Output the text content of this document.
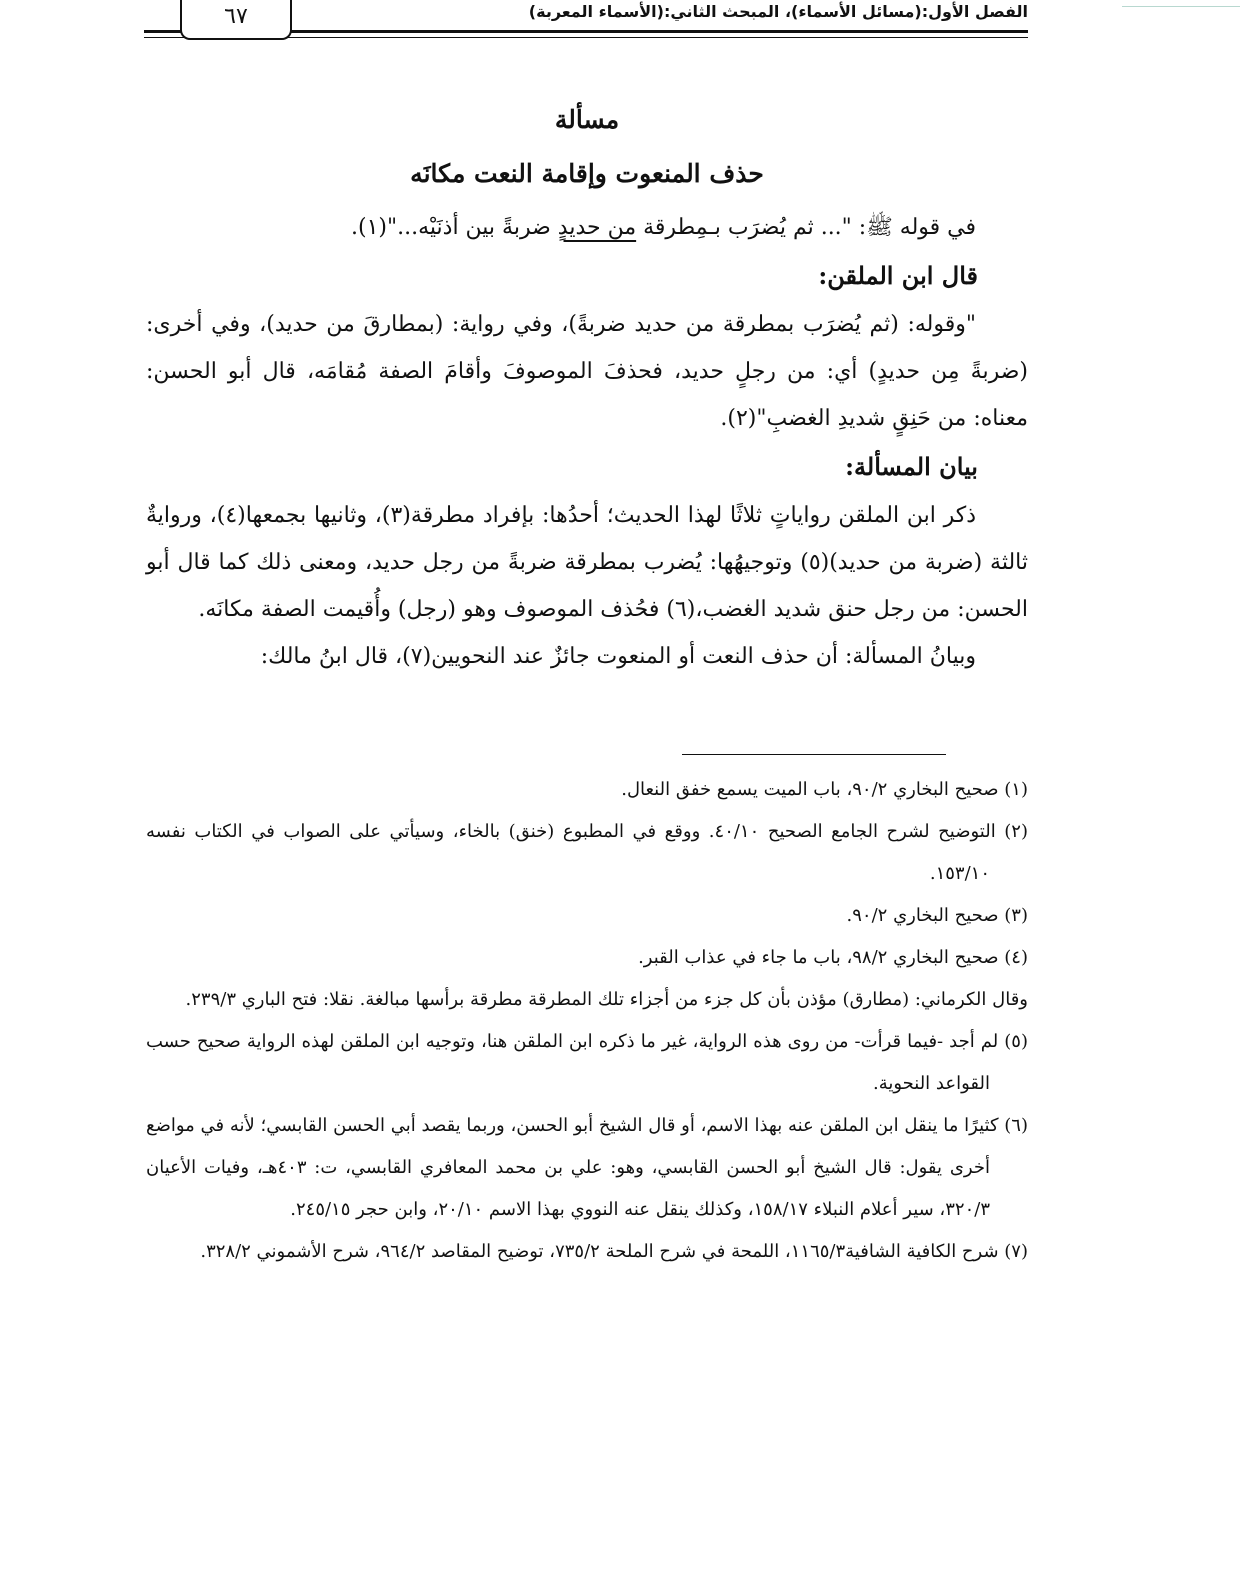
الفصل الأول:(مسائل الأسماء)، المبحث الثاني:(الأسماء المعربة)
٦٧
مسألة
حذف المنعوت وإقامة النعت مكانَه

في قوله ﷺ: "... ثم يُضرَب بـمِطرقة من حديدٍ ضربةً بين أذنَيْه..."(١).

قال ابن الملقن:

"وقوله: (ثم يُضرَب بمطرقة من حديد ضربةً)، وفي رواية: (بمطارقَ من حديد)، وفي أخرى: (ضربةً مِن حديدٍ) أي: من رجلٍ حديد، فحذفَ الموصوفَ وأقامَ الصفة مُقامَه، قال أبو الحسن: معناه: من حَنِقٍ شديدِ الغضبِ"(٢).

بيان المسألة:

ذكر ابن الملقن رواياتٍ ثلاثًا لهذا الحديث؛ أحدُها: بإفراد مطرقة(٣)، وثانيها بجمعها(٤)، وروايةٌ ثالثة (ضربة من حديد)(٥) وتوجيهُها: يُضرب بمطرقة ضربةً من رجل حديد، ومعنى ذلك كما قال أبو الحسن: من رجل حنق شديد الغضب،(٦) فحُذف الموصوف وهو (رجل) وأُقيمت الصفة مكانَه.

وبيانُ المسألة: أن حذف النعت أو المنعوت جائزٌ عند النحويين(٧)، قال ابنُ مالك:

(١) صحيح البخاري ٩٠/٢، باب الميت يسمع خفق النعال.

(٢) التوضيح لشرح الجامع الصحيح ٤٠/١٠. ووقع في المطبوع (خنق) بالخاء، وسيأتي على الصواب في الكتاب نفسه ١٥٣/١٠.

(٣) صحيح البخاري ٩٠/٢.

(٤) صحيح البخاري ٩٨/٢، باب ما جاء في عذاب القبر.

وقال الكرماني: (مطارق) مؤذن بأن كل جزء من أجزاء تلك المطرقة مطرقة برأسها مبالغة. نقلا: فتح الباري ٢٣٩/٣.

(٥) لم أجد -فيما قرأت- من روى هذه الرواية، غير ما ذكره ابن الملقن هنا، وتوجيه ابن الملقن لهذه الرواية صحيح حسب القواعد النحوية.

(٦) كثيرًا ما ينقل ابن الملقن عنه بهذا الاسم، أو قال الشيخ أبو الحسن، وربما يقصد أبي الحسن القابسي؛ لأنه في مواضع أخرى يقول: قال الشيخ أبو الحسن القابسي، وهو: علي بن محمد المعافري القابسي، ت: ٤٠٣هـ، وفيات الأعيان ٣٢٠/٣، سير أعلام النبلاء ١٥٨/١٧، وكذلك ينقل عنه النووي بهذا الاسم ٢٠/١٠، وابن حجر ٢٤٥/١٥.

(٧) شرح الكافية الشافية١١٦٥/٣، اللمحة في شرح الملحة ٧٣٥/٢، توضيح المقاصد ٩٦٤/٢، شرح الأشموني ٣٢٨/٢.
